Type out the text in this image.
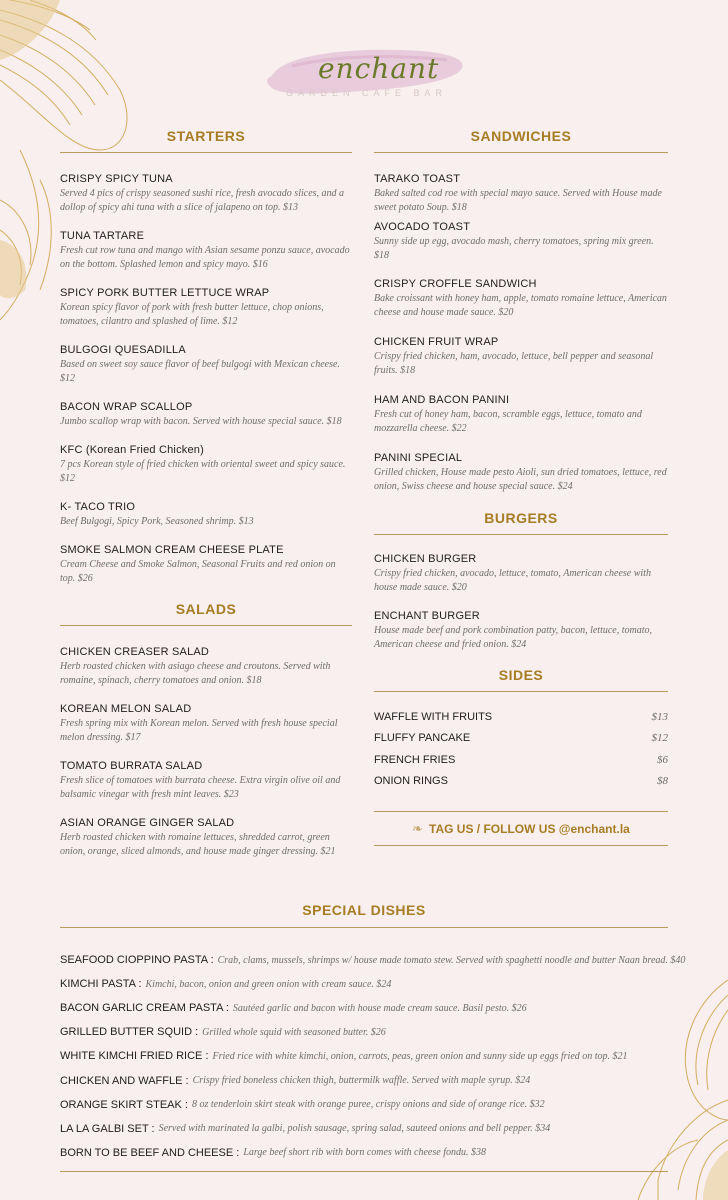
enchant
GARDEN CAFE BAR
STARTERS
CRISPY SPICY TUNA
Served 4 pics of crispy seasoned sushi rice, fresh avocado slices, and a dollop of spicy ahi tuna with a slice of jalapeno on top. $13
TUNA TARTARE
Fresh cut row tuna and mango with Asian sesame ponzu sauce, avocado on the bottom. Splashed lemon and spicy mayo. $16
SPICY PORK BUTTER LETTUCE WRAP
Korean spicy flavor of pork with fresh butter lettuce, chop onions, tomatoes, cilantro and splashed of lime. $12
BULGOGI QUESADILLA
Based on sweet soy sauce flavor of beef bulgogi with Mexican cheese. $12
BACON WRAP SCALLOP
Jumbo scallop wrap with bacon. Served with house special sauce. $18
KFC (Korean Fried Chicken)
7 pcs Korean style of fried chicken with oriental sweet and spicy sauce. $12
K- TACO TRIO
Beef Bulgogi, Spicy Pork, Seasoned shrimp. $13
SMOKE SALMON CREAM CHEESE PLATE
Cream Cheese and Smoke Salmon, Seasonal Fruits and red onion on top. $26
SALADS
CHICKEN CREASER SALAD
Herb roasted chicken with asiago cheese and croutons. Served with romaine, spinach, cherry tomatoes and onion. $18
KOREAN MELON SALAD
Fresh spring mix with Korean melon. Served with fresh house special melon dressing. $17
TOMATO BURRATA SALAD
Fresh slice of tomatoes with burrata cheese. Extra virgin olive oil and balsamic vinegar with fresh mint leaves. $23
ASIAN ORANGE GINGER SALAD
Herb roasted chicken with romaine lettuces, shredded carrot, green onion, orange, sliced almonds, and house made ginger dressing. $21
SANDWICHES
TARAKO TOAST
Baked salted cod roe with special mayo sauce. Served with House made sweet potato Soup. $18
AVOCADO TOAST
Sunny side up egg, avocado mash, cherry tomatoes, spring mix green. $18
CRISPY CROFFLE SANDWICH
Bake croissant with honey ham, apple, tomato romaine lettuce, American cheese and house made sauce. $20
CHICKEN FRUIT WRAP
Crispy fried chicken, ham, avocado, lettuce, bell pepper and seasonal fruits. $18
HAM AND BACON PANINI
Fresh cut of honey ham, bacon, scramble eggs, lettuce, tomato and mozzarella cheese. $22
PANINI SPECIAL
Grilled chicken, House made pesto Aioli, sun dried tomatoes, lettuce, red onion, Swiss cheese and house special sauce. $24
BURGERS
CHICKEN BURGER
Crispy fried chicken, avocado, lettuce, tomato, American cheese with house made sauce. $20
ENCHANT BURGER
House made beef and pork combination patty, bacon, lettuce, tomato, American cheese and fried onion. $24
SIDES
WAFFLE WITH FRUITS	$13
FLUFFY PANCAKE	$12
FRENCH FRIES	$6
ONION RINGS	$8
❧ TAG US / FOLLOW US @enchant.la
SPECIAL DISHES
SEAFOOD CIOPPINO PASTA : Crab, clams, mussels, shrimps w/ house made tomato stew. Served with spaghetti noodle and butter Naan bread. $40
KIMCHI PASTA : Kimchi, bacon, onion and green onion with cream sauce. $24
BACON GARLIC CREAM PASTA : Sautéed garlic and bacon with house made cream sauce. Basil pesto. $26
GRILLED BUTTER SQUID : Grilled whole squid with seasoned butter. $26
WHITE KIMCHI FRIED RICE : Fried rice with white kimchi, onion, carrots, peas, green onion and sunny side up eggs fried on top. $21
CHICKEN AND WAFFLE : Crispy fried boneless chicken thigh, buttermilk waffle. Served with maple syrup. $24
ORANGE SKIRT STEAK : 8 oz tenderloin skirt steak with orange puree, crispy onions and side of orange rice. $32
LA LA GALBI SET : Served with marinated la galbi, polish sausage, spring salad, sauteed onions and bell pepper. $34
BORN TO BE BEEF AND CHEESE : Large beef short rib with born comes with cheese fondu. $38
